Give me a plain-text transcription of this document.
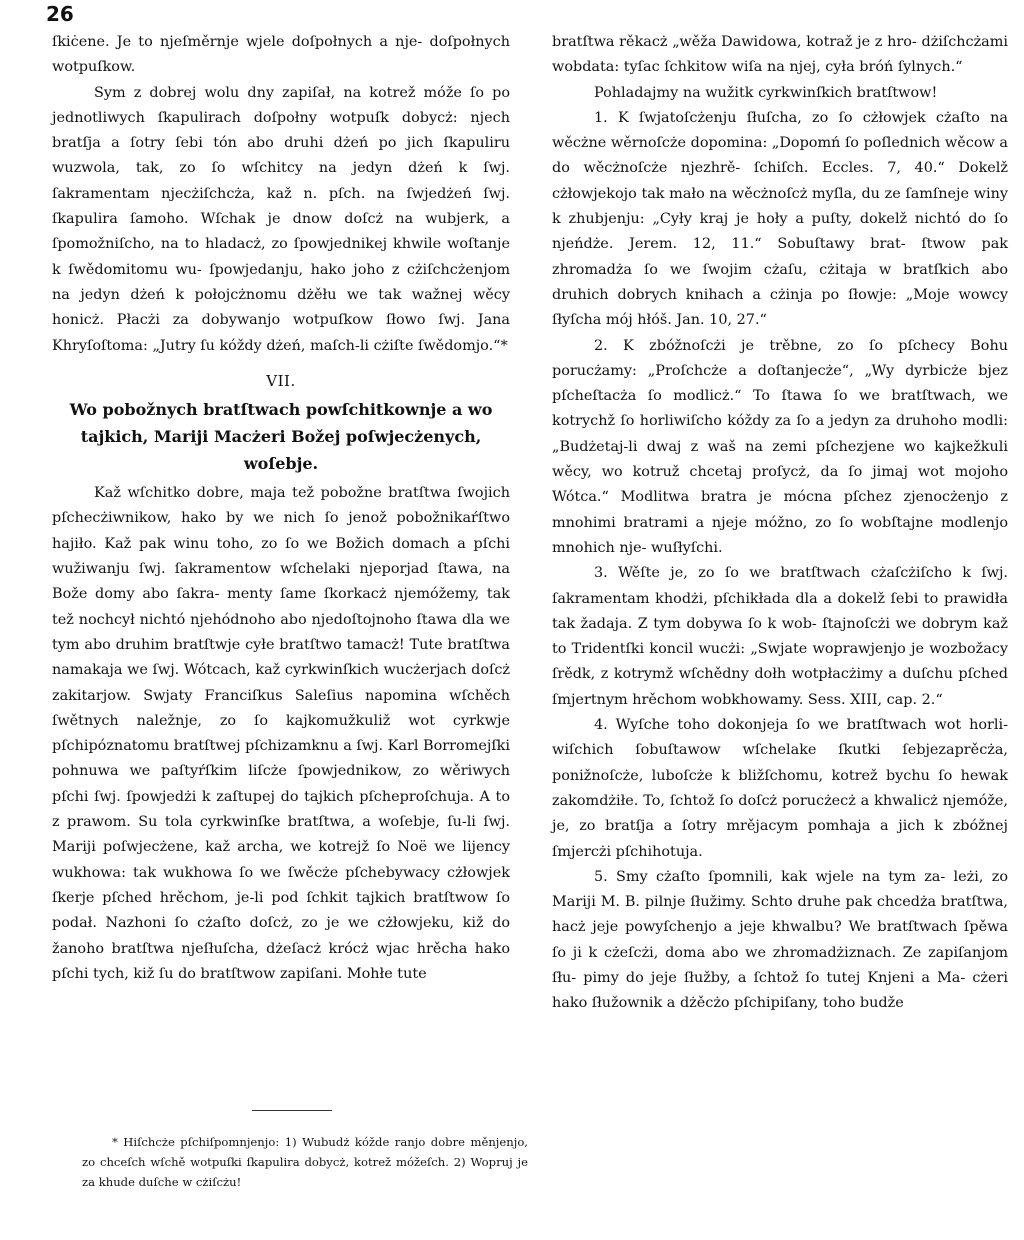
26

ſkiċene. Je to njeſměrnje wjele doſpołnych a nje- doſpołnych wotpuſkow.

Sym z dobrej wolu dny zapiſał, na kotrež móže ſo po jednotliwych ſkapulirach doſpołny wotpuſk dobycż: njech bratſja a ſotry ſebi tón abo druhi dżeń po jich ſkapuliru wuzwola, tak, zo ſo wſchitcy na jedyn dżeń k ſwj. ſakramentam njecżiſchcża, kaž n. pſch. na ſwjedżeń ſwj. ſkapulira ſamoho. Wſchak je dnow doſcż na wubjerk, a ſpomožniſcho, na to hladacż, zo ſpowjednikej khwile woſtanje k ſwědomitomu wu- ſpowjedanju, hako joho z cżiſchcżenjom na jedyn dżeń k połojcżnomu dżěłu we tak wažnej wěcy honicż. Płacżi za dobywanjo wotpuſkow ſłowo ſwj. Jana Khryſoſtoma: „Jutry ſu kóždy dżeń, maſch-li cżiſte ſwědomjo.“*

VII.

Wo pobožnych bratſtwach powſchitkownje a wo tajkich, Mariji Macżeri Božej poſwjecżenych, woſebje.

Kaž wſchitko dobre, maja tež pobožne bratſtwa ſwojich pſchecżiwnikow, hako by we nich ſo jenož pobožnikaŕſtwo hajiło. Kaž pak winu toho, zo ſo we Božich domach a pſchi wužiwanju ſwj. ſakramentow wſchelaki njeporjad ſtawa, na Bože domy abo ſakra- menty ſame ſkorkacż njemóžemy, tak tež nochcył nichtó njehódnoho abo njedoſtojnoho ſtawa dla we tym abo druhim bratſtwje cyłe bratſtwo tamacż! Tute bratſtwa namakaja we ſwj. Wótcach, kaž cyrkwinſkich wucżerjach doſcż zakitarjow. Swjaty Franciſkus Saleſius napomina wſchěch ſwětnych naležnje, zo ſo kajkomužkuliž wot cyrkwje pſchipóznatomu bratſtwej pſchizamknu a ſwj. Karl Borromejſki pohnuwa we paſtyŕſkim liſcże ſpowjednikow, zo wěriwych pſchi ſwj. ſpowjedżi k zaſtupej do tajkich pſcheproſchuja. A to z prawom. Su tola cyrkwinſke bratſtwa, a woſebje, ſu-li ſwj. Mariji poſwjecżene, kaž archa, we kotrejž ſo Noë we lijency wukhowa: tak wukhowa ſo we ſwěcże pſchebywacy cżłowjek ſkerje pſched hrěchom, je-li pod ſchkit tajkich bratſtwow ſo podał. Nazhoni ſo cżaſto doſcż, zo je we cżłowjeku, kiž do žanoho bratſtwa njeſłuſcha, dżeſacż krócż wjac hrěcha hako pſchi tych, kiž ſu do bratſtwow zapiſani. Mohłe tute

bratſtwa rěkacż „wěža Dawidowa, kotraž je z hro- dżiſchcżami wobdata: tyſac ſchkitow wiſa na njej, cyła bróń ſylnych.“

Pohladajmy na wužitk cyrkwinſkich bratſtwow!

1. K ſwjatoſcżenju ſłuſcha, zo ſo cżłowjek cżaſto na wěcżne wěrnoſcże dopomina: „Dopomń ſo poſlednich wěcow a do wěcżnoſcże njezhrě- ſchiſch. Eccles. 7, 40.“ Dokelž cżłowjekojo tak mało na wěcżnoſcż myſla, du ze ſamſneje winy k zhubjenju: „Cyły kraj je hoły a puſty, dokelž nichtó do ſo njeńdże. Jerem. 12, 11.“ Sobuſtawy brat- ſtwow pak zhromadża ſo we ſwojim cżaſu, cżitaja w bratſkich abo druhich dobrych knihach a cżinja po ſłowje: „Moje wowcy ſłyſcha mój hłóš. Jan. 10, 27.“

2. K zbóžnoſcżi je trěbne, zo ſo pſchecy Bohu porucżamy: „Proſchcże a doſtanjecże“, „Wy dyrbicże bjez pſcheſtacża ſo modlicż.“ To ſtawa ſo we bratſtwach, we kotrychž ſo horliwiſcho kóždy za ſo a jedyn za druhoho modli: „Budżetaj-li dwaj z waš na zemi pſchezjene wo kajkežkuli wěcy, wo kotruž chcetaj proſycż, da ſo jimaj wot mojoho Wótca.“ Modlitwa bratra je mócna pſchez zjenocżenjo z mnohimi bratrami a njeje móžno, zo ſo wobſtajne modlenjo mnohich nje- wuſłyſchi.

3. Wěſte je, zo ſo we bratſtwach cżaſcżiſcho k ſwj. ſakramentam khodżi, pſchikłada dla a dokelž ſebi to prawidła tak žadaja. Z tym dobywa ſo k wob- ſtajnoſcżi we dobrym kaž to Tridentſki koncil wucżi: „Swjate woprawjenjo je wozbožacy ſrědk, z kotrymž wſchědny dołh wotpłacżimy a duſchu pſched ſmjertnym hrěchom wobkhowamy. Sess. XIII, cap. 2.“

4. Wyſche toho dokonjeja ſo we bratſtwach wot horli- wiſchich ſobuſtawow wſchelake ſkutki ſebjezaprěcża, ponižnoſcże, luboſcże k bližſchomu, kotrež bychu ſo hewak zakomdżiłe. To, ſchtož ſo doſcż porucżecż a khwalicż njemóže, je, zo bratſja a ſotry mrějacym pomhaja a jich k zbóžnej ſmjercżi pſchihotuja.

5. Smy cżaſto ſpomnili, kak wjele na tym za- leżi, zo Mariji M. B. pilnje ſłužimy. Schto druhe pak chcedża bratſtwa, hacż jeje powyſchenjo a jeje khwalbu? We bratſtwach ſpěwa ſo ji k cżeſcżi, doma abo we zhromadżiznach. Ze zapiſanjom ſłu- pimy do jeje ſłužby, a ſchtož ſo tutej Knjeni a Ma- cżeri hako ſłužownik a dżěcżo pſchipiſany, toho budže

* Hiſchcże pſchiſpomnjenjo: 1) Wubudż kóžde ranjo dobre měnjenjo, zo chceſch wſchě wotpuſki ſkapulira dobycż, kotrež móžeſch. 2) Wopruj je za khude duſche w cżiſcżu!
